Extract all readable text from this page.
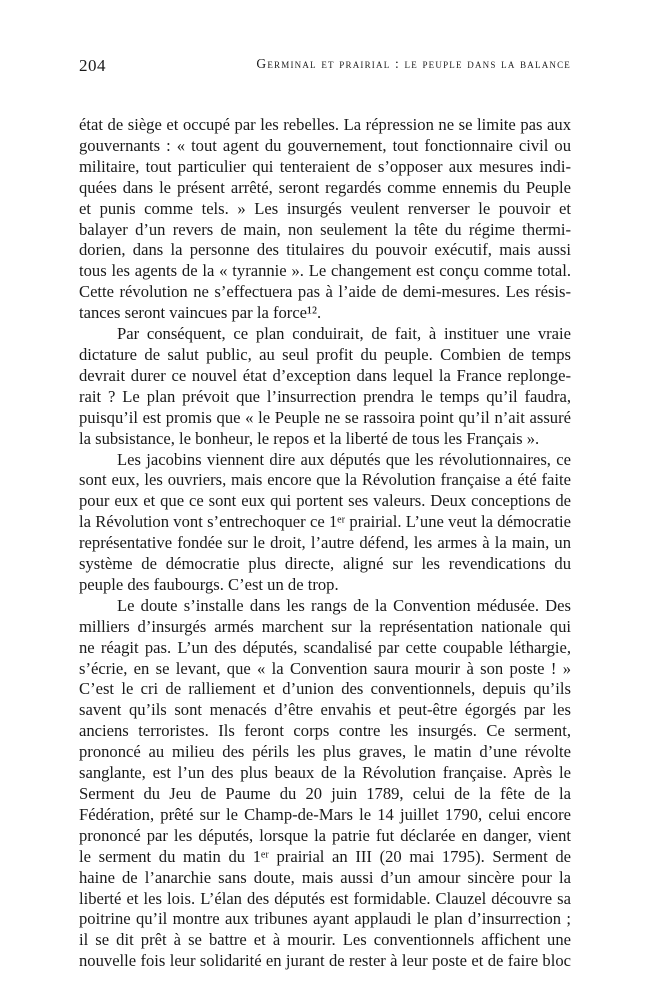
204	Germinal et prairial : le peuple dans la balance

état de siège et occupé par les rebelles. La répression ne se limite pas aux
gouvernants : « tout agent du gouvernement, tout fonctionnaire civil ou
militaire, tout particulier qui tenteraient de s’opposer aux mesures indi-
quées dans le présent arrêté, seront regardés comme ennemis du Peuple
et punis comme tels. » Les insurgés veulent renverser le pouvoir et
balayer d’un revers de main, non seulement la tête du régime thermi-
dorien, dans la personne des titulaires du pouvoir exécutif, mais aussi
tous les agents de la « tyrannie ». Le changement est conçu comme total.
Cette révolution ne s’effectuera pas à l’aide de demi-mesures. Les résis-
tances seront vaincues par la force¹².

Par conséquent, ce plan conduirait, de fait, à instituer une vraie
dictature de salut public, au seul profit du peuple. Combien de temps
devrait durer ce nouvel état d’exception dans lequel la France replonge-
rait ? Le plan prévoit que l’insurrection prendra le temps qu’il faudra,
puisqu’il est promis que « le Peuple ne se rassoira point qu’il n’ait assuré
la subsistance, le bonheur, le repos et la liberté de tous les Français ».

Les jacobins viennent dire aux députés que les révolutionnaires, ce
sont eux, les ouvriers, mais encore que la Révolution française a été faite
pour eux et que ce sont eux qui portent ses valeurs. Deux conceptions de
la Révolution vont s’entrechoquer ce 1ᵉʳ prairial. L’une veut la démocratie
représentative fondée sur le droit, l’autre défend, les armes à la main, un
système de démocratie plus directe, aligné sur les revendications du
peuple des faubourgs. C’est un de trop.

Le doute s’installe dans les rangs de la Convention médusée. Des
milliers d’insurgés armés marchent sur la représentation nationale qui
ne réagit pas. L’un des députés, scandalisé par cette coupable léthargie,
s’écrie, en se levant, que « la Convention saura mourir à son poste ! »
C’est le cri de ralliement et d’union des conventionnels, depuis qu’ils
savent qu’ils sont menacés d’être envahis et peut-être égorgés par les
anciens terroristes. Ils feront corps contre les insurgés. Ce serment,
prononcé au milieu des périls les plus graves, le matin d’une révolte
sanglante, est l’un des plus beaux de la Révolution française. Après le
Serment du Jeu de Paume du 20 juin 1789, celui de la fête de la
Fédération, prêté sur le Champ-de-Mars le 14 juillet 1790, celui encore
prononcé par les députés, lorsque la patrie fut déclarée en danger, vient
le serment du matin du 1ᵉʳ prairial an III (20 mai 1795). Serment de
haine de l’anarchie sans doute, mais aussi d’un amour sincère pour la
liberté et les lois. L’élan des députés est formidable. Clauzel découvre sa
poitrine qu’il montre aux tribunes ayant applaudi le plan d’insurrection ;
il se dit prêt à se battre et à mourir. Les conventionnels affichent une
nouvelle fois leur solidarité en jurant de rester à leur poste et de faire bloc
